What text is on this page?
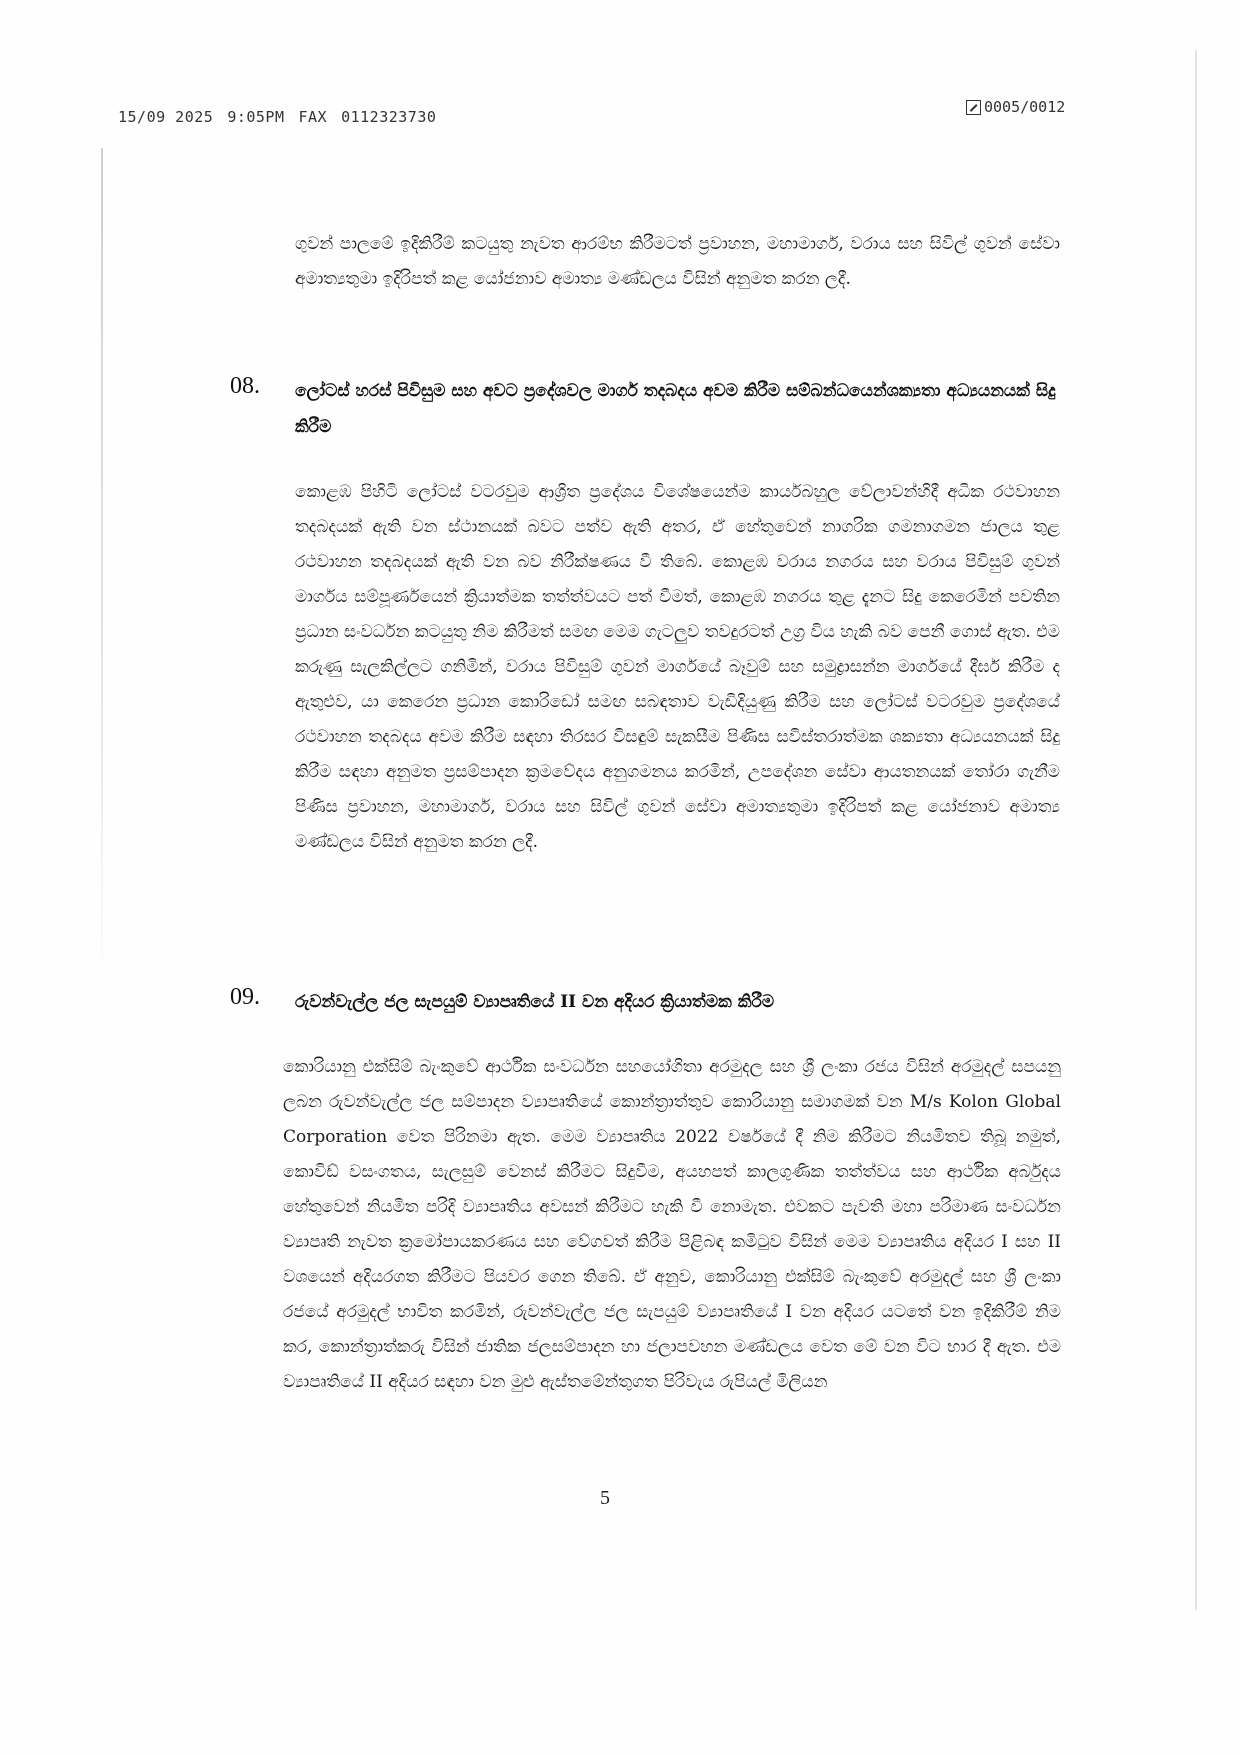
15/09 2025 9:05PM FAX 0112323730
0005/0012
ගුවන් පාලමේ ඉදිකිරීම් කටයුතු නැවත ආරම්භ කිරීමටත් ප්‍රවාහන, මහාමාර්ග, වරාය සහ සිවිල් ගුවන් සේවා අමාත්‍යතුමා ඉදිරිපත් කළ යෝජනාව අමාත්‍ය මණ්ඩලය විසින් අනුමත කරන ලදී.
08. ලෝටස් හරස් පිවිසුම සහ අවට ප්‍රදේශවල මාර්ග තදබදය අවම කිරීම සම්බන්ධයෙන්ශක්‍යතා අධ්‍යයනයක් සිදු කිරීම
කොළඹ පිහිටි ලෝටස් වටරවුම ආශ්‍රිත ප්‍රදේශය විශේෂයෙන්ම කාර්යබහුල වේලාවන්හිදී අධික රථවාහන තදබදයක් ඇති වන ස්ථානයක් බවට පත්ව ඇති අතර, ඒ හේතුවෙන් නාගරික ගමනාගමන ජාලය තුළ රථවාහන තදබදයක් ඇති වන බව නිරීක්ෂණය වී තිබේ. කොළඹ වරාය නගරය සහ වරාය පිවිසුම් ගුවන් මාර්ගය සම්පූර්ණයෙන් ක්‍රියාත්මක තත්ත්වයට පත් වීමත්, කොළඹ නගරය තුළ දැනට සිදු කෙරෙමින් පවතින ප්‍රධාන සංවර්ධන කටයුතු නිම කිරීමත් සමඟ මෙම ගැටලුව තවදුරටත් උග්‍ර විය හැකි බව පෙනී ගොස් ඇත. එම කරුණු සැලකිල්ලට ගනිමින්, වරාය පිවිසුම් ගුවන් මාර්ගයේ බෑවුම් සහ සමුද්‍රාසන්න මාර්ගයේ දීර්ඝ කිරීම ද ඇතුළුව, යා කෙරෙන ප්‍රධාන කොරිඩෝ සමඟ සබඳතාව වැඩිදියුණු කිරීම සහ ලෝටස් වටරවුම ප්‍රදේශයේ රථවාහන තදබදය අවම කිරීම සඳහා තිරසර විසඳුම් සැකසීම පිණිස සවිස්තරාත්මක ශක්‍යතා අධ්‍යයනයක් සිදු කිරීම සඳහා අනුමත ප්‍රසම්පාදන ක්‍රමවේදය අනුගමනය කරමින්, උපදේශන සේවා ආයතනයක් තෝරා ගැනීම පිණිස ප්‍රවාහන, මහාමාර්ග, වරාය සහ සිවිල් ගුවන් සේවා අමාත්‍යතුමා ඉදිරිපත් කළ යෝජනාව අමාත්‍ය මණ්ඩලය විසින් අනුමත කරන ලදී.
09. රුවන්වැල්ල ජල සැපයුම් ව්‍යාපෘතියේ II වන අදියර ක්‍රියාත්මක කිරීම
කොරියානු එක්සිම් බැංකුවේ ආර්ථික සංවර්ධන සහයෝගිතා අරමුදල සහ ශ්‍රී ලංකා රජය විසින් අරමුදල් සපයනු ලබන රුවන්වැල්ල ජල සම්පාදන ව්‍යාපෘතියේ කොන්ත්‍රාත්තුව කොරියානු සමාගමක් වන M/s Kolon Global Corporation වෙත පිරිනමා ඇත. මෙම ව්‍යාපෘතිය 2022 වර්ෂයේ දී නිම කිරීමට නියමිතව තිබූ නමුත්, කොවිඩ් වසංගතය, සැලසුම් වෙනස් කිරීමට සිදුවීම, අයහපත් කාලගුණික තත්ත්වය සහ ආර්ථික අර්බුදය හේතුවෙන් නියමිත පරිදි ව්‍යාපෘතිය අවසන් කිරීමට හැකි වී නොමැත. එවකට පැවති මහා පරිමාණ සංවර්ධන ව්‍යාපෘති නැවත ක්‍රමෝපායකරණය සහ වේගවත් කිරීම පිළිබඳ කමිටුව විසින් මෙම ව්‍යාපෘතිය අදියර I සහ II වශයෙන් අදියරගත කිරීමට පියවර ගෙන තිබේ. ඒ අනුව, කොරියානු එක්සිම් බැංකුවේ අරමුදල් සහ ශ්‍රී ලංකා රජයේ අරමුදල් භාවිත කරමින්, රුවන්වැල්ල ජල සැපයුම් ව්‍යාපෘතියේ I වන අදියර යටතේ වන ඉදිකිරීම් නිම කර, කොන්ත්‍රාත්කරු විසින් ජාතික ජලසම්පාදන හා ජලාපවහන මණ්ඩලය වෙත මේ වන විට භාර දී ඇත. එම ව්‍යාපෘතියේ II අදියර සඳහා වන මුළු ඇස්තමේන්තුගත පිරිවැය රුපියල් මිලියන
5
